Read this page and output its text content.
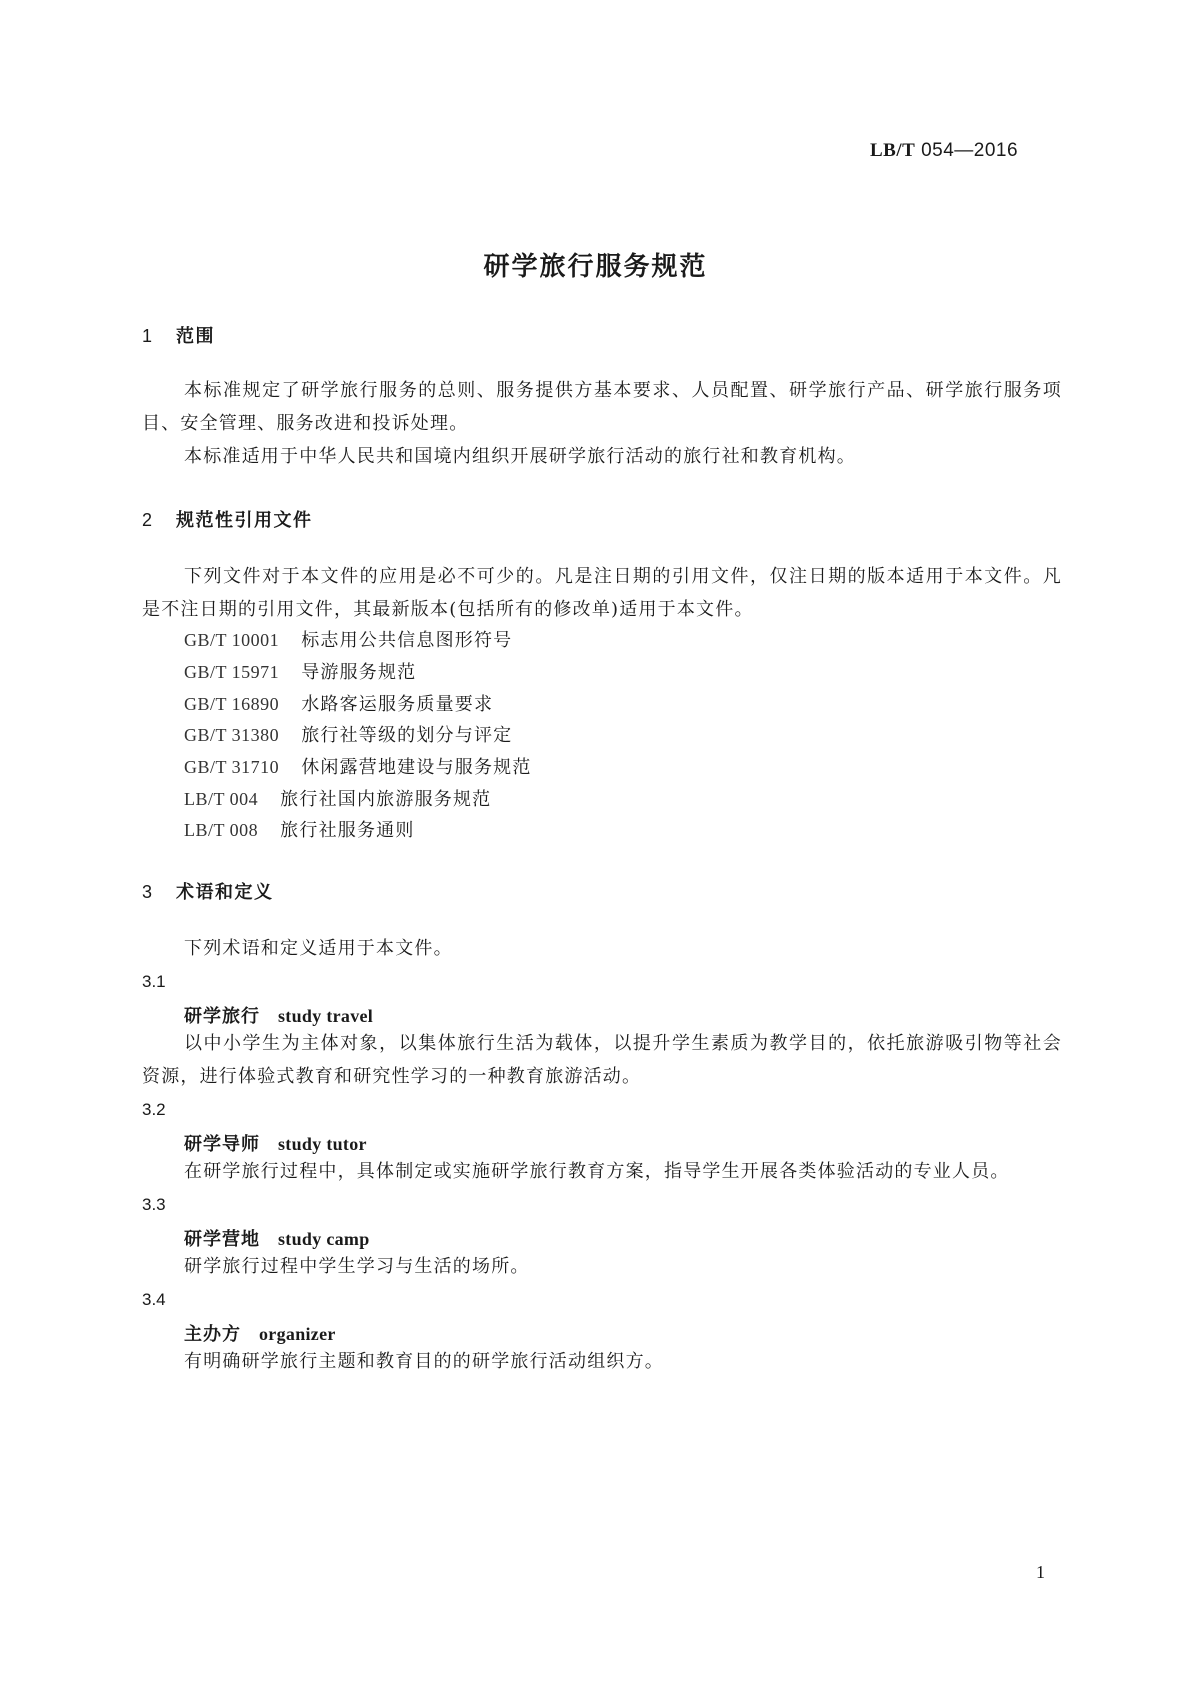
LB/T 054—2016
研学旅行服务规范
1 范围
本标准规定了研学旅行服务的总则、服务提供方基本要求、人员配置、研学旅行产品、研学旅行服务项目、安全管理、服务改进和投诉处理。
本标准适用于中华人民共和国境内组织开展研学旅行活动的旅行社和教育机构。
2 规范性引用文件
下列文件对于本文件的应用是必不可少的。凡是注日期的引用文件，仅注日期的版本适用于本文件。凡是不注日期的引用文件，其最新版本(包括所有的修改单)适用于本文件。
GB/T 10001 标志用公共信息图形符号
GB/T 15971 导游服务规范
GB/T 16890 水路客运服务质量要求
GB/T 31380 旅行社等级的划分与评定
GB/T 31710 休闲露营地建设与服务规范
LB/T 004 旅行社国内旅游服务规范
LB/T 008 旅行社服务通则
3 术语和定义
下列术语和定义适用于本文件。
3.1
研学旅行 study travel
以中小学生为主体对象，以集体旅行生活为载体，以提升学生素质为教学目的，依托旅游吸引物等社会资源，进行体验式教育和研究性学习的一种教育旅游活动。
3.2
研学导师 study tutor
在研学旅行过程中，具体制定或实施研学旅行教育方案，指导学生开展各类体验活动的专业人员。
3.3
研学营地 study camp
研学旅行过程中学生学习与生活的场所。
3.4
主办方 organizer
有明确研学旅行主题和教育目的的研学旅行活动组织方。
1
